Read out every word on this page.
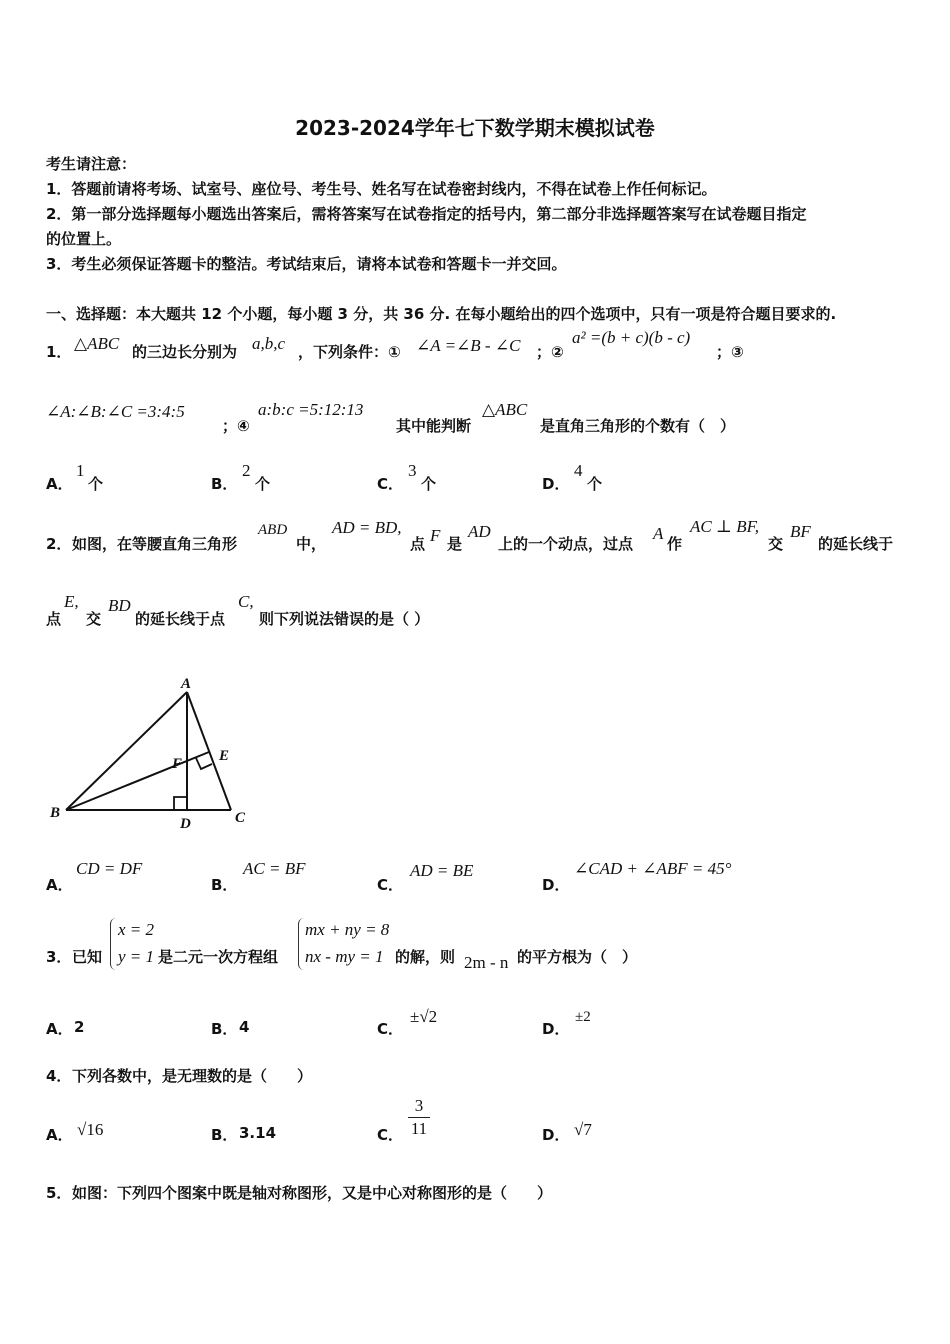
2023-2024学年七下数学期末模拟试卷
考生请注意：
1．答题前请将考场、试室号、座位号、考生号、姓名写在试卷密封线内，不得在试卷上作任何标记。
2．第一部分选择题每小题选出答案后，需将答案写在试卷指定的括号内，第二部分非选择题答案写在试卷题目指定
的位置上。
3．考生必须保证答题卡的整洁。考试结束后，请将本试卷和答题卡一并交回。
一、选择题：本大题共 12 个小题，每小题 3 分，共 36 分. 在每小题给出的四个选项中，只有一项是符合题目要求的.
1． △ABC 的三边长分别为 a,b,c ，下列条件：① ∠A =∠B - ∠C ；②
a² =(b + c)(b - c)
；③
∠A:∠B:∠C =3:4:5
；④
a:b:c =5:12:13
其中能判断
△ABC
是直角三角形的个数有（　）
A．
1
个	B．
2
个	C．
3
个	D．
4
个
2． 如图，在等腰直角三角形
ABD
中，
AD = BD,
点 F 是
AD
上的一个动点，过点
A
作
AC ⊥ BF,
交
BF
的延长线于
点
E,
交
BD
的延长线于点
C,
则下列说法错误的是（ ）
A
B	C
D
E
F
A．
CD = DF
B．
AC = BF
C．
AD = BE
D．
∠CAD + ∠ABF = 45°
3． 已知
x = 2
y = 1 是二元一次方程组
mx + ny = 8
nx - my = 1 的解，则 2m - n 的平方根为（　）
A． 2	B． 4	C．
±√2
D．
±2
4． 下列各数中，是无理数的是（　　）
A． √16	B． 3.14	C．
3
11	D． √7
5． 如图：下列四个图案中既是轴对称图形，又是中心对称图形的是（　　）
